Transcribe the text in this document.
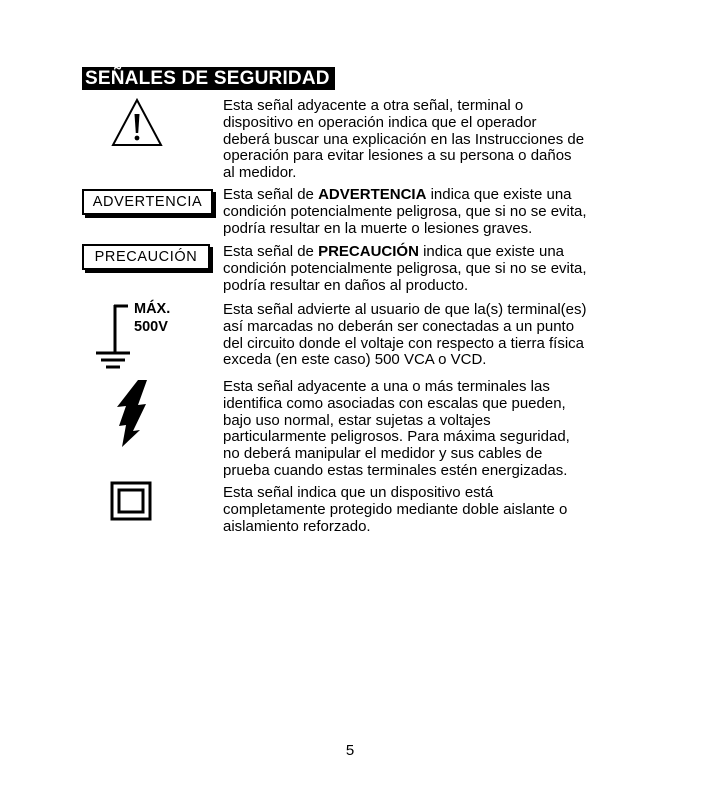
SEÑALES DE SEGURIDAD
Esta señal adyacente a otra señal, terminal o
dispositivo en operación indica que el operador
deberá buscar una explicación en las Instrucciones de
operación para evitar lesiones a su persona o daños
al medidor.
ADVERTENCIA	Esta señal de ADVERTENCIA indica que existe una
condición potencialmente peligrosa, que si no se evita,
podría resultar en la muerte o lesiones graves.
PRECAUCIÓN	Esta señal de PRECAUCIÓN indica que existe una
condición potencialmente peligrosa, que si no se evita,
podría resultar en daños al producto.
MÁX.
500V
Esta señal advierte al usuario de que la(s) terminal(es)
así marcadas no deberán ser conectadas a un punto
del circuito donde el voltaje con respecto a tierra física
exceda (en este caso) 500 VCA o VCD.
Esta señal adyacente a una o más terminales las
identifica como asociadas con escalas que pueden,
bajo uso normal, estar sujetas a voltajes
particularmente peligrosos. Para máxima seguridad,
no deberá manipular el medidor y sus cables de
prueba cuando estas terminales estén energizadas.
Esta señal indica que un dispositivo está
completamente protegido mediante doble aislante o
aislamiento reforzado.
5
